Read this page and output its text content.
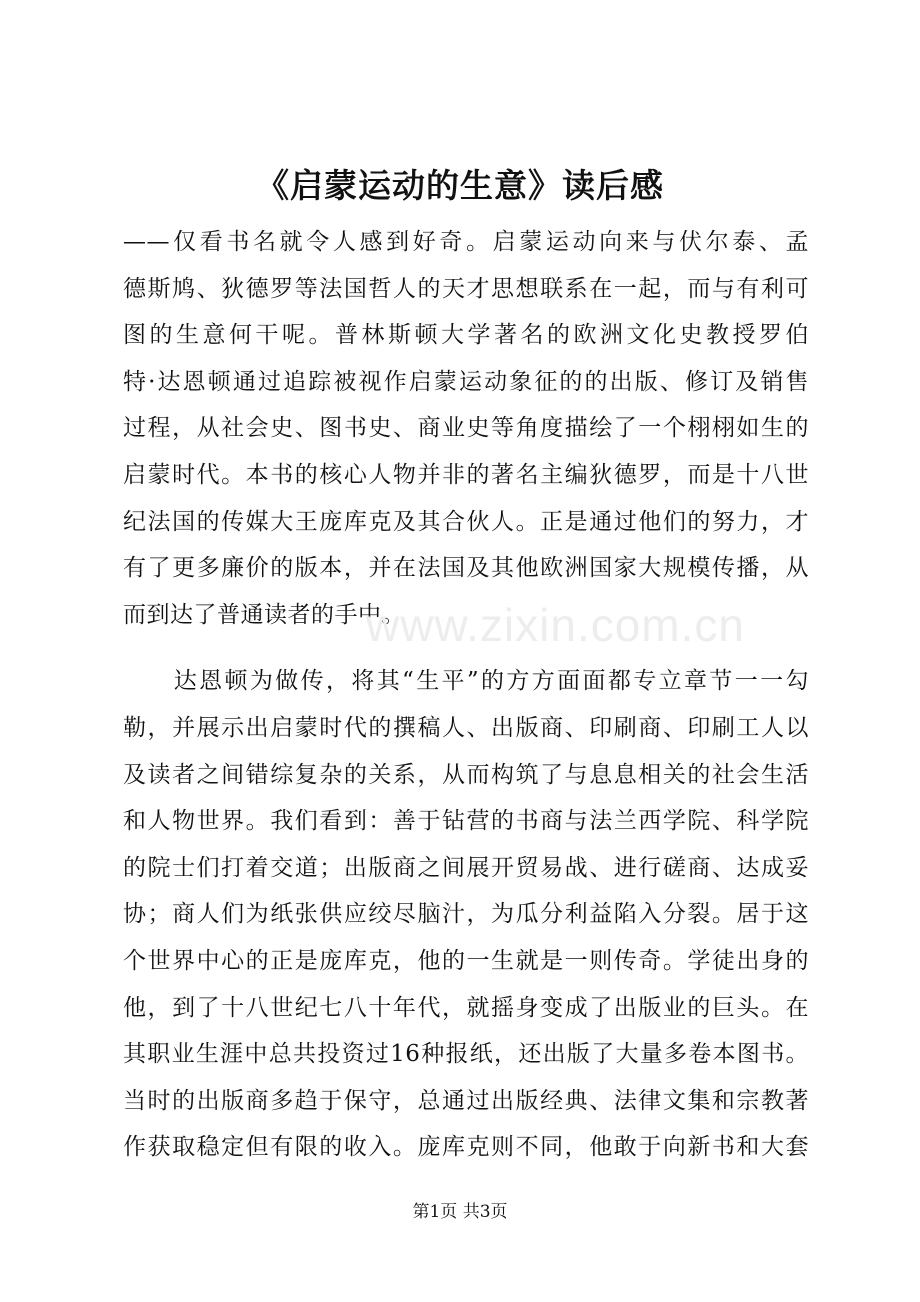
《启蒙运动的生意》读后感
——仅看书名就令人感到好奇。启蒙运动向来与伏尔泰、孟
德斯鸠、狄德罗等法国哲人的天才思想联系在一起，而与有利可
图的生意何干呢。普林斯顿大学著名的欧洲文化史教授罗伯
特·达恩顿通过追踪被视作启蒙运动象征的的出版、修订及销售
过程，从社会史、图书史、商业史等角度描绘了一个栩栩如生的
启蒙时代。本书的核心人物并非的著名主编狄德罗，而是十八世
纪法国的传媒大王庞库克及其合伙人。正是通过他们的努力，才
有了更多廉价的版本，并在法国及其他欧洲国家大规模传播，从
而到达了普通读者的手中。
　　达恩顿为做传，将其“生平”的方方面面都专立章节一一勾
勒，并展示出启蒙时代的撰稿人、出版商、印刷商、印刷工人以
及读者之间错综复杂的关系，从而构筑了与息息相关的社会生活
和人物世界。我们看到：善于钻营的书商与法兰西学院、科学院
的院士们打着交道；出版商之间展开贸易战、进行磋商、达成妥
协；商人们为纸张供应绞尽脑汁，为瓜分利益陷入分裂。居于这
个世界中心的正是庞库克，他的一生就是一则传奇。学徒出身的
他，到了十八世纪七八十年代，就摇身变成了出版业的巨头。在
其职业生涯中总共投资过16种报纸，还出版了大量多卷本图书。
当时的出版商多趋于保守，总通过出版经典、法律文集和宗教著
作获取稳定但有限的收入。庞库克则不同，他敢于向新书和大套
www.zixin.com.cn
第1页 共3页
